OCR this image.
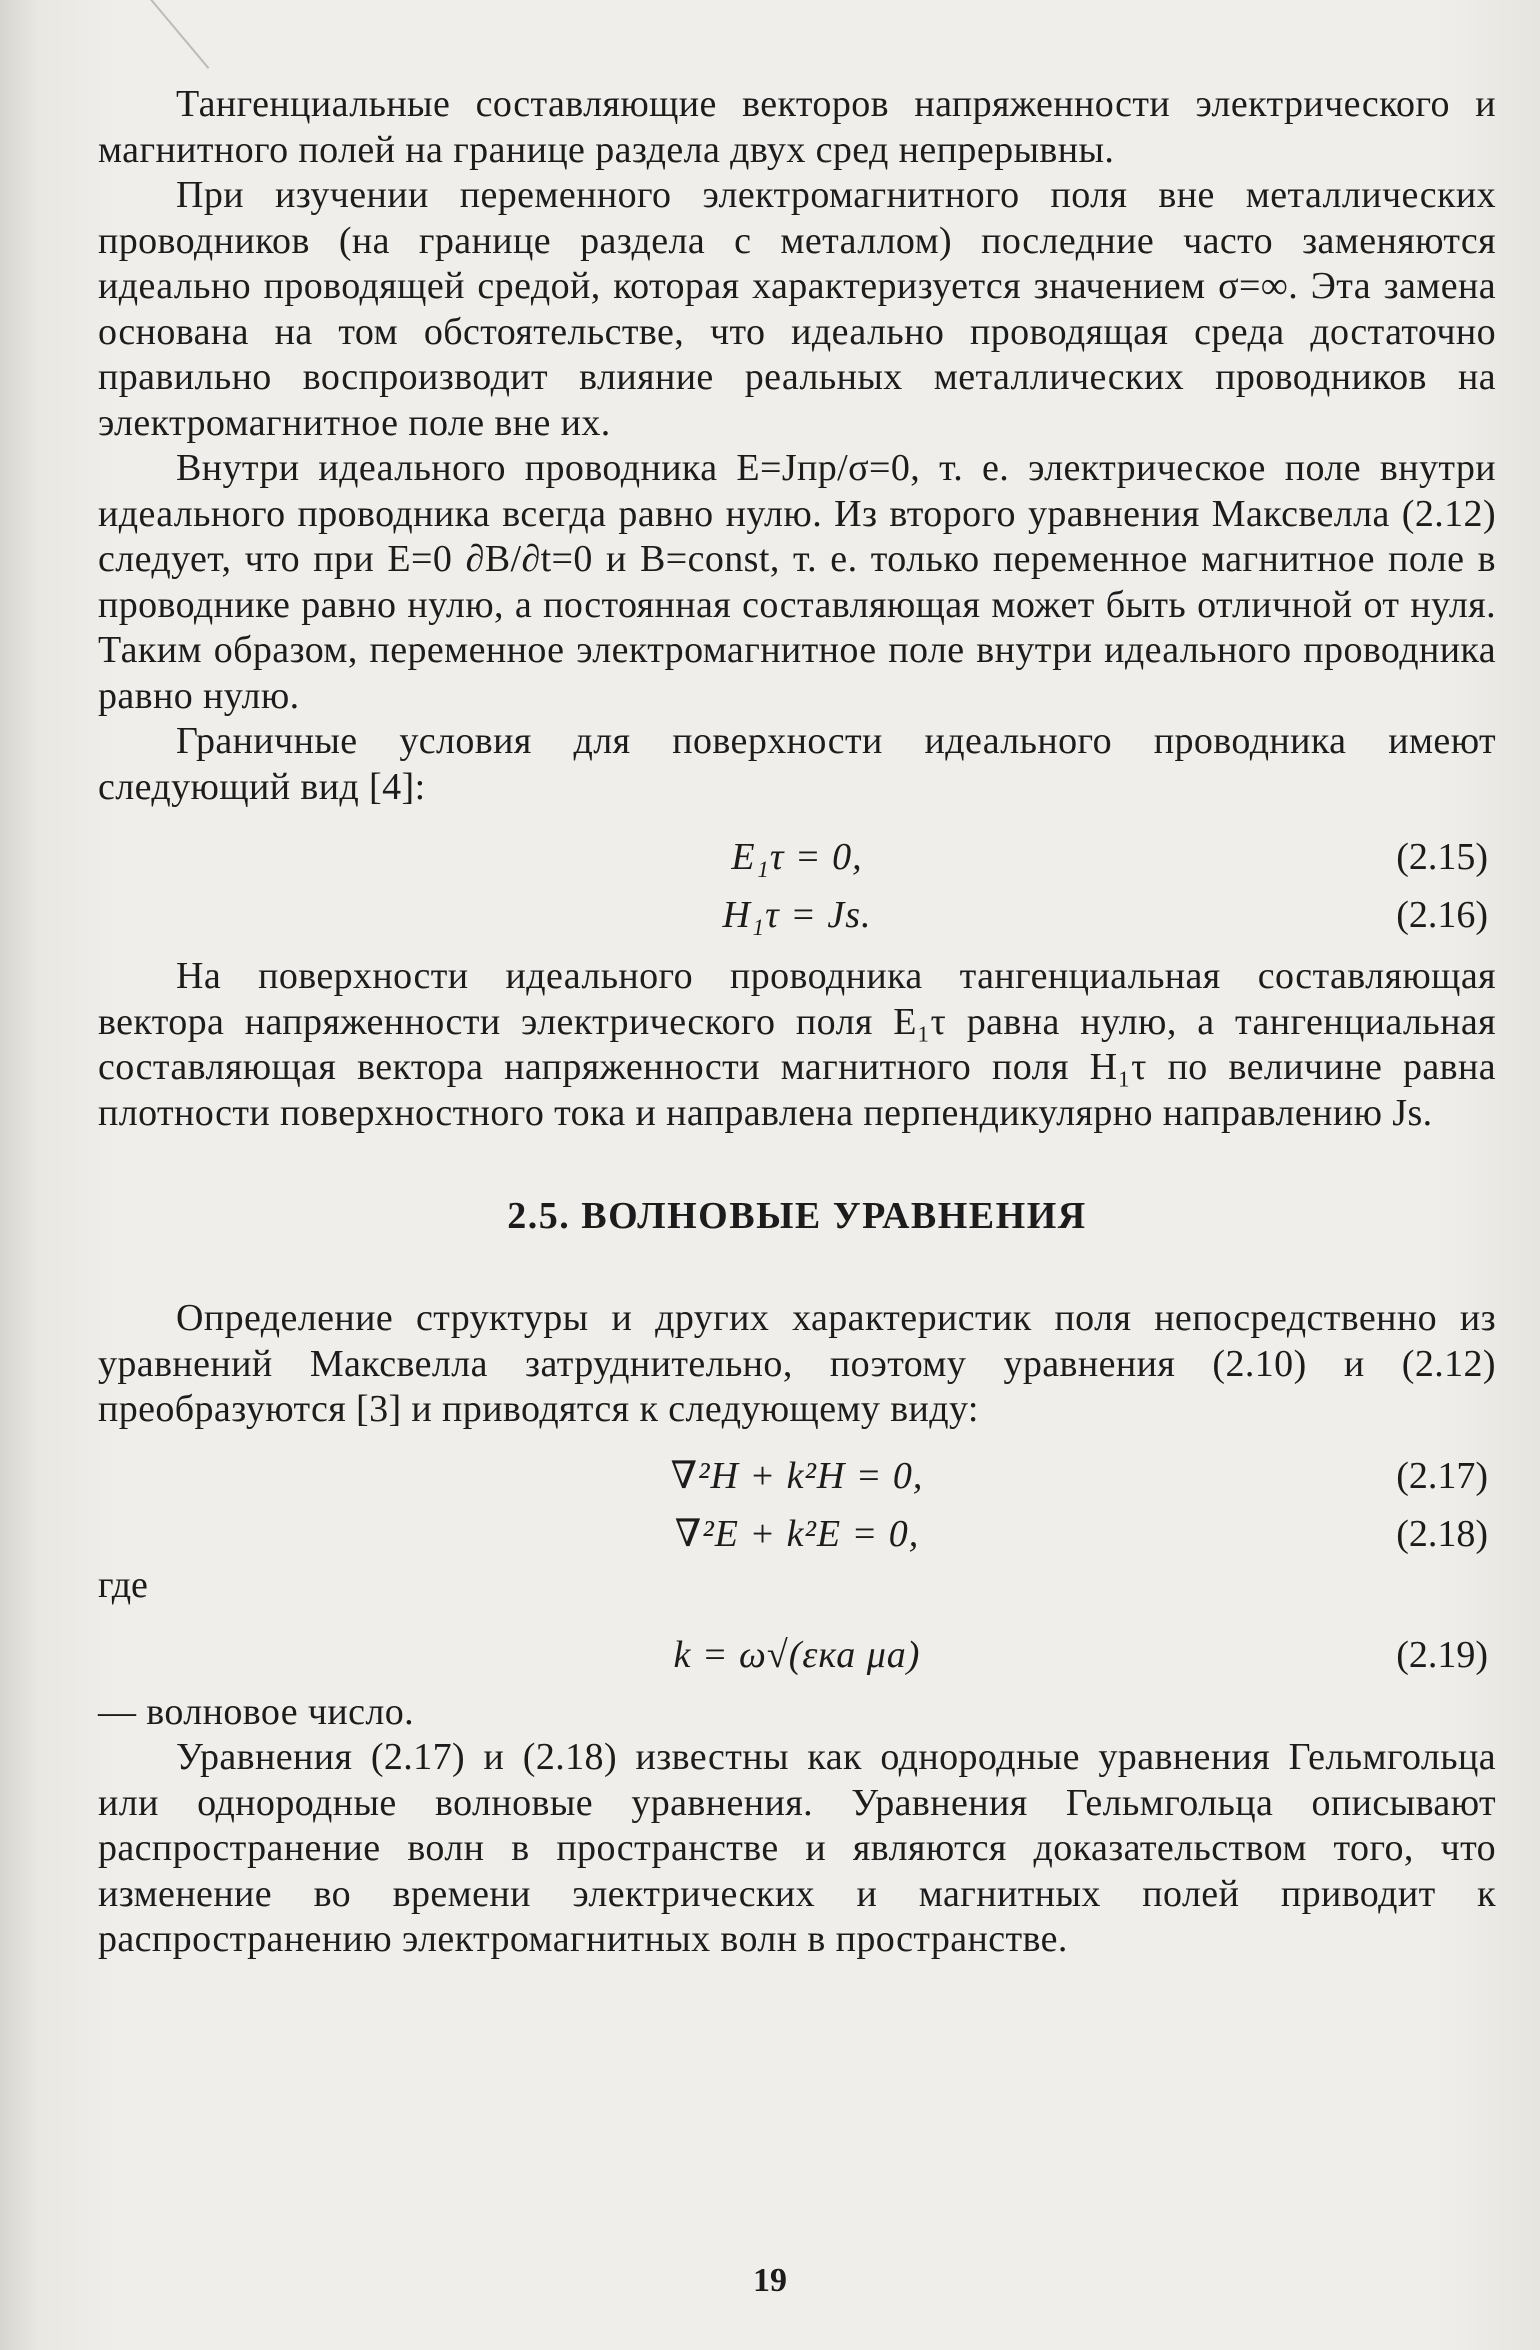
Тангенциальные составляющие векторов напряженности электрического и магнитного полей на границе раздела двух сред непрерывны.

При изучении переменного электромагнитного поля вне металлических проводников (на границе раздела с металлом) последние часто заменяются идеально проводящей средой, которая характеризуется значением σ=∞. Эта замена основана на том обстоятельстве, что идеально проводящая среда достаточно правильно воспроизводит влияние реальных металлических проводников на электромагнитное поле вне их.

Внутри идеального проводника E=Jпр/σ=0, т. е. электрическое поле внутри идеального проводника всегда равно нулю. Из второго уравнения Максвелла (2.12) следует, что при E=0 ∂B/∂t=0 и B=const, т. е. только переменное магнитное поле в проводнике равно нулю, а постоянная составляющая может быть отличной от нуля. Таким образом, переменное электромагнитное поле внутри идеального проводника равно нулю.

Граничные условия для поверхности идеального проводника имеют следующий вид [4]:

E₁τ = 0,	(2.15)
H₁τ = Js.	(2.16)

На поверхности идеального проводника тангенциальная составляющая вектора напряженности электрического поля E₁τ равна нулю, а тангенциальная составляющая вектора напряженности магнитного поля H₁τ по величине равна плотности поверхностного тока и направлена перпендикулярно направлению Js.

2.5. ВОЛНОВЫЕ УРАВНЕНИЯ

Определение структуры и других характеристик поля непосредственно из уравнений Максвелла затруднительно, поэтому уравнения (2.10) и (2.12) преобразуются [3] и приводятся к следующему виду:

∇²H + k²H = 0,	(2.17)
∇²E + k²E = 0,	(2.18)

где

k = ω√(εка μа)	(2.19)

— волновое число.

Уравнения (2.17) и (2.18) известны как однородные уравнения Гельмгольца или однородные волновые уравнения. Уравнения Гельмгольца описывают распространение волн в пространстве и являются доказательством того, что изменение во времени электрических и магнитных полей приводит к распространению электромагнитных волн в пространстве.

19
